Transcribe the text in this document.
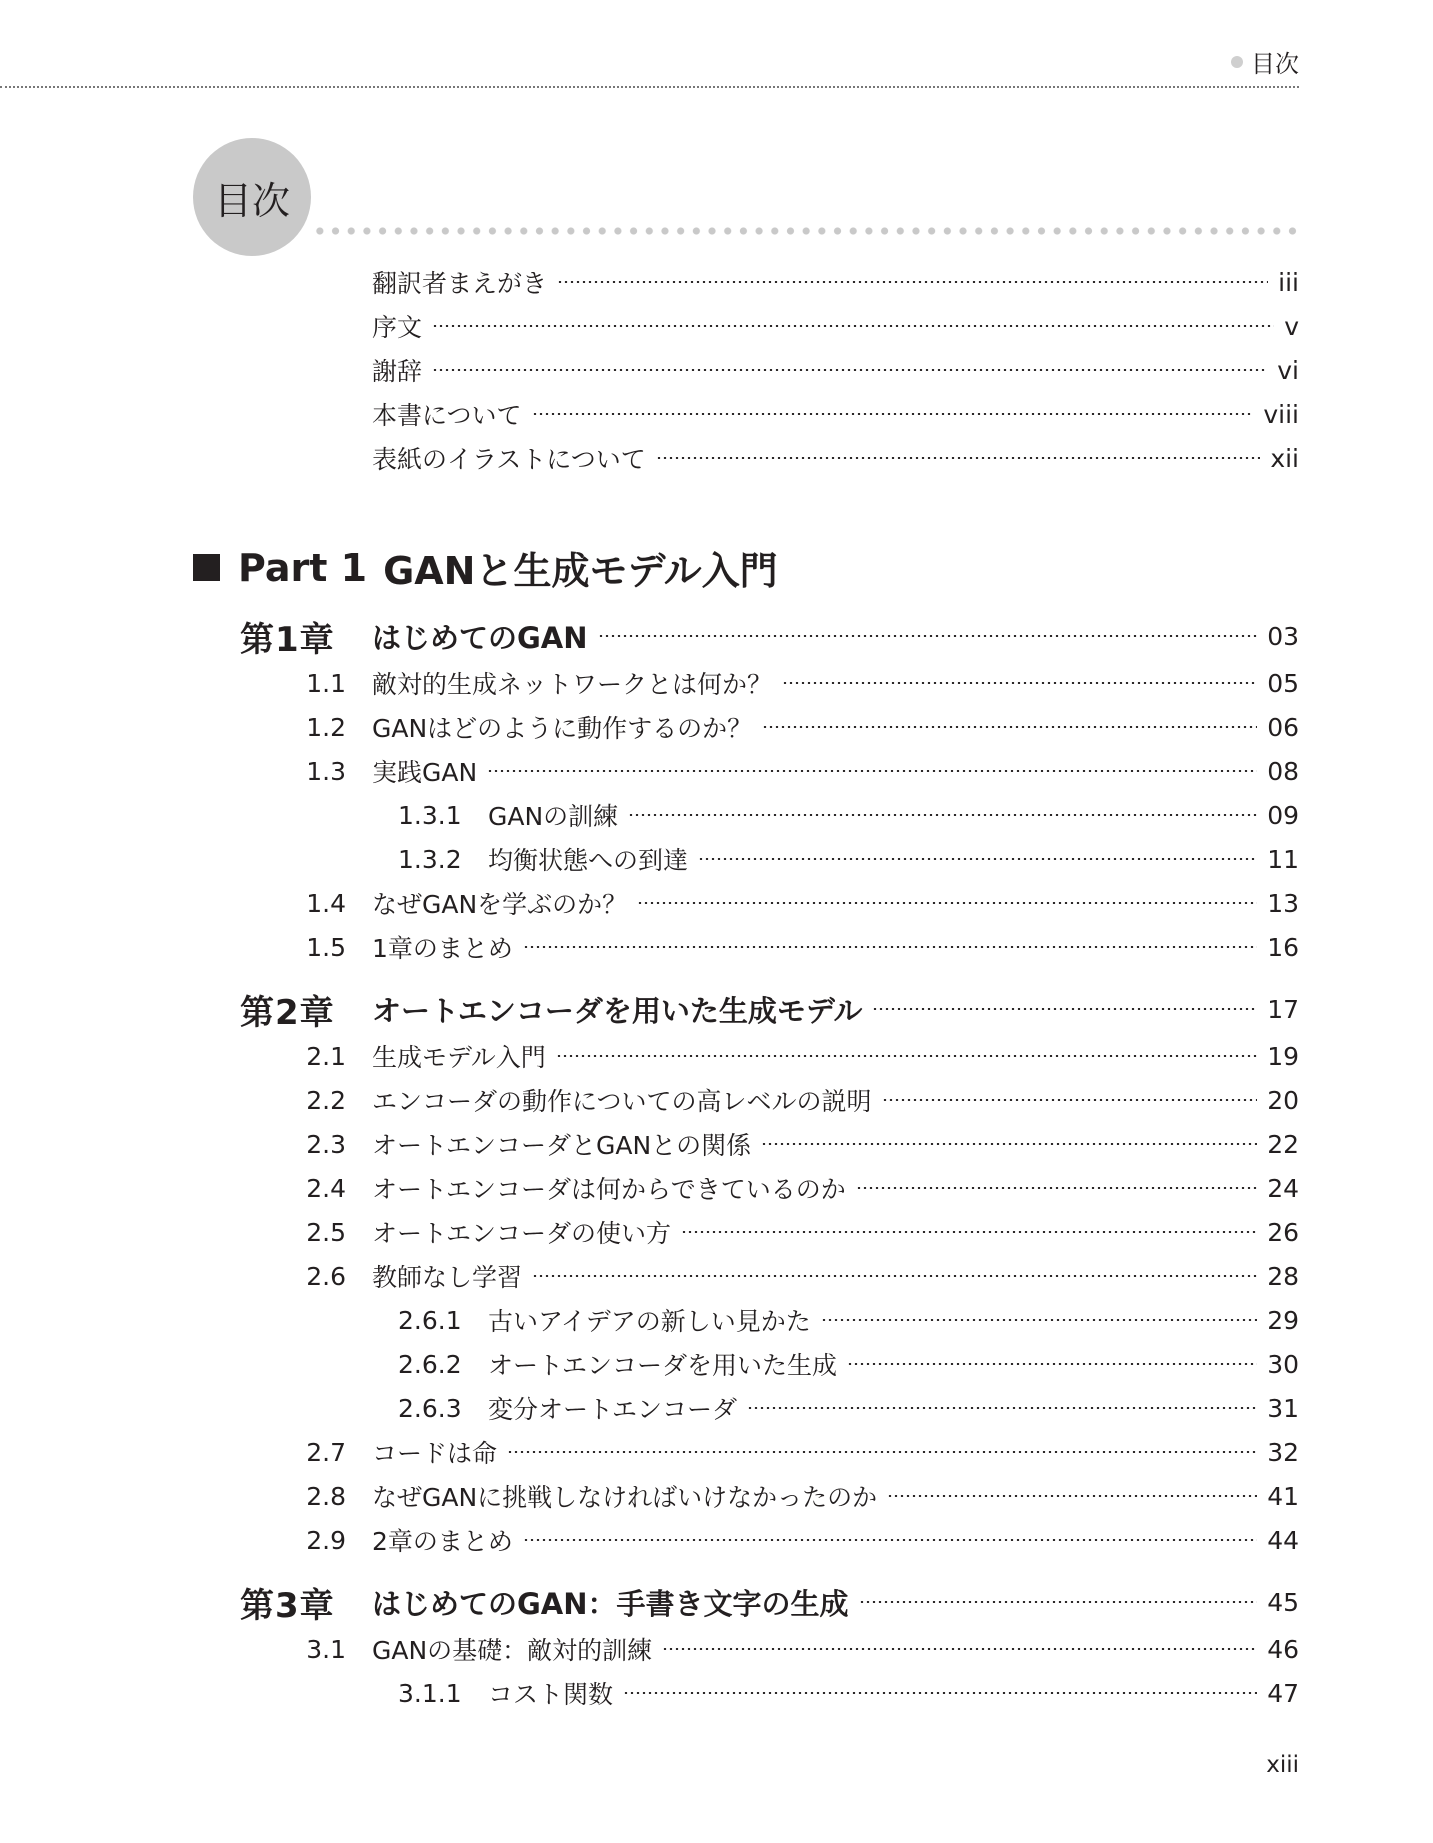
目次
目次
翻訳者まえがき	iii
序文	v
謝辞	vi
本書について	viii
表紙のイラストについて	xii
Part 1 GANと生成モデル入門
第1章 はじめてのGAN	03
1.1 敵対的生成ネットワークとは何か？	05
1.2 GANはどのように動作するのか？	06
1.3 実践GAN	08
1.3.1	GANの訓練	09
1.3.2	均衡状態への到達	11
1.4 なぜGANを学ぶのか？	13
1.5 1章のまとめ	16
第2章 オートエンコーダを用いた生成モデル	17
2.1 生成モデル入門	19
2.2 エンコーダの動作についての高レベルの説明	20
2.3 オートエンコーダとGANとの関係	22
2.4 オートエンコーダは何からできているのか	24
2.5 オートエンコーダの使い方	26
2.6 教師なし学習	28
2.6.1	古いアイデアの新しい見かた	29
2.6.2	オートエンコーダを用いた生成	30
2.6.3	変分オートエンコーダ	31
2.7 コードは命	32
2.8 なぜGANに挑戦しなければいけなかったのか	41
2.9 2章のまとめ	44
第3章 はじめてのGAN：手書き文字の生成	45
3.1 GANの基礎：敵対的訓練	46
3.1.1	コスト関数	47
xiii
